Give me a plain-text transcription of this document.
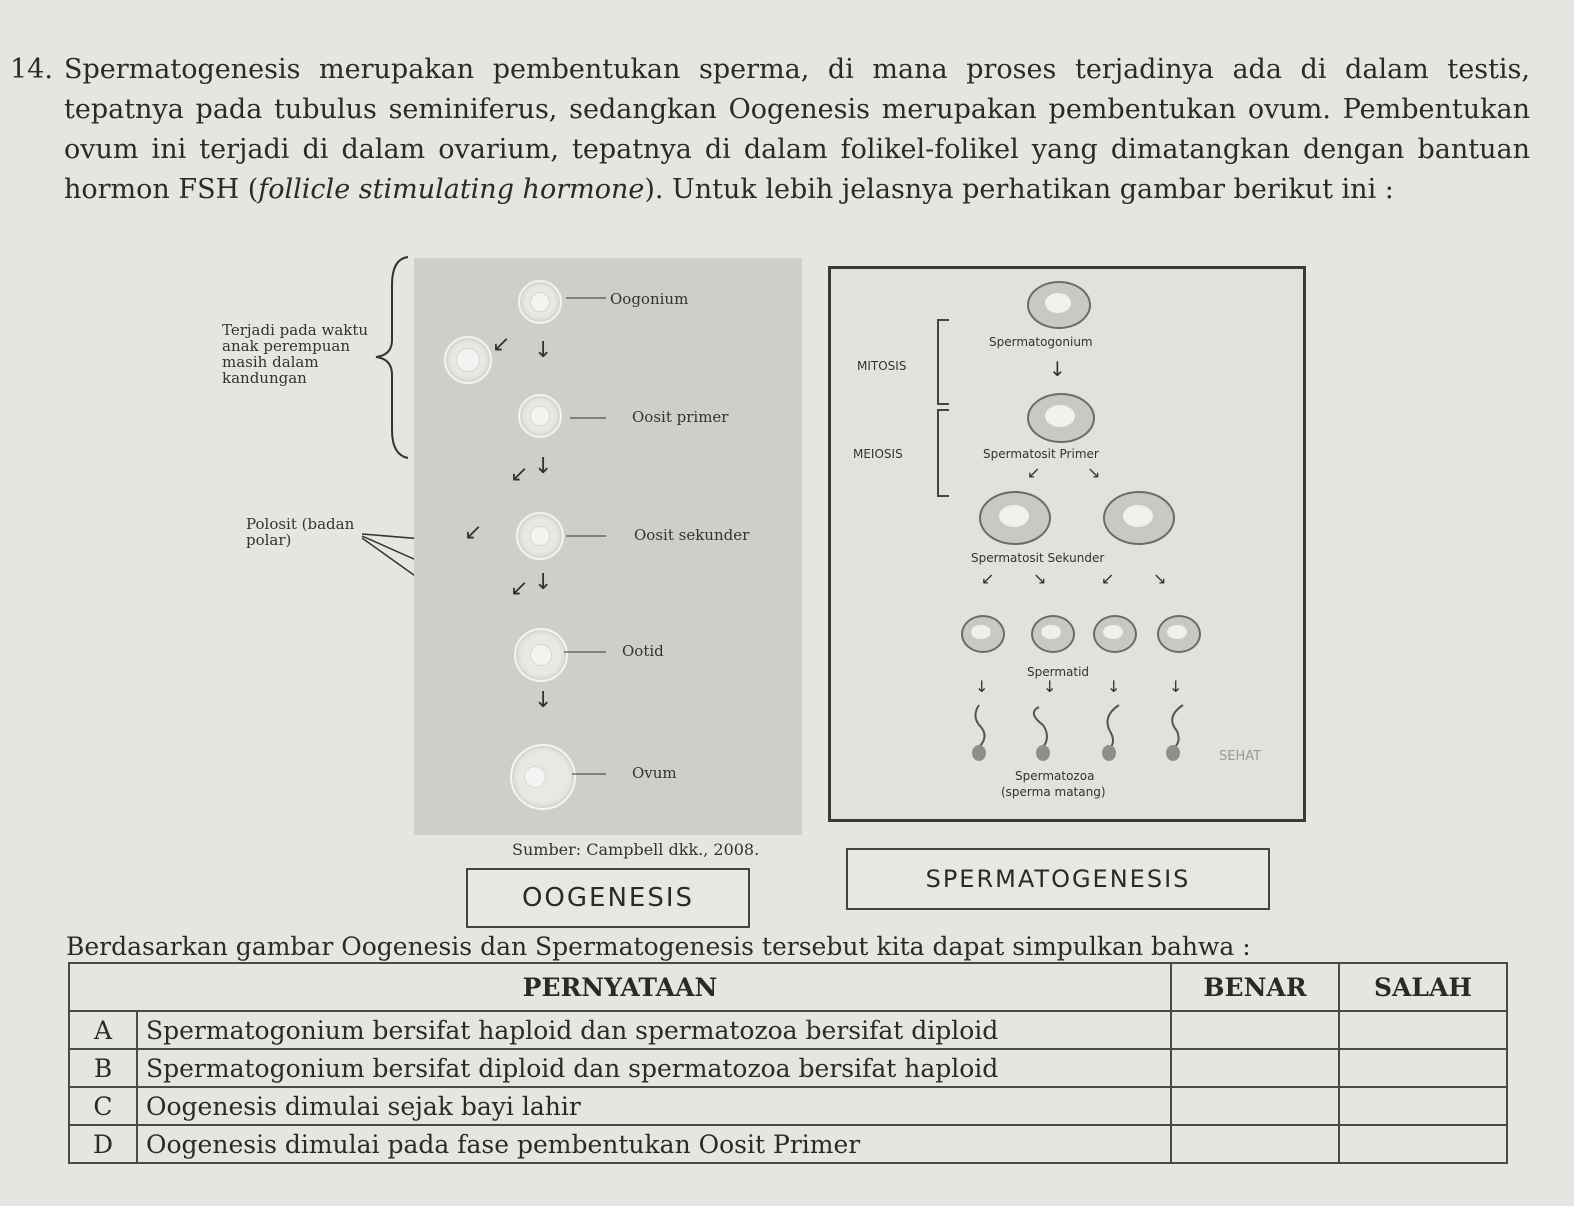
14. Spermatogenesis merupakan pembentukan sperma, di mana proses terjadinya ada di dalam testis, tepatnya pada tubulus seminiferus, sedangkan Oogenesis merupakan pembentukan ovum. Pembentukan ovum ini terjadi di dalam ovarium, tepatnya di dalam folikel-folikel yang dimatangkan dengan bantuan hormon FSH (follicle stimulating hormone). Untuk lebih jelasnya perhatikan gambar berikut ini :
Terjadi pada waktu anak perempuan masih dalam kandungan
Polosit (badan polar)
↓
↓
↓
↓
↙
↙
↙
↙
Oogonium
Oosit primer
Oosit sekunder
Ootid
Ovum
Sumber: Campbell dkk., 2008.
OOGENESIS
Spermatogonium
MITOSIS	↓
MEIOSIS	Spermatosit Primer
↙	↘
Spermatosit Sekunder
↙ ↘	↙ ↘
Spermatid
↓	↓	↓	↓
SEHAT
Spermatozoa
(sperma matang)
SPERMATOGENESIS
Berdasarkan gambar Oogenesis dan Spermatogenesis tersebut kita dapat simpulkan bahwa :
PERNYATAAN		BENAR	SALAH
A	Spermatogonium bersifat haploid dan spermatozoa bersifat diploid		
B	Spermatogonium bersifat diploid dan spermatozoa bersifat haploid		
C	Oogenesis dimulai sejak bayi lahir		
D	Oogenesis dimulai pada fase pembentukan Oosit Primer		
